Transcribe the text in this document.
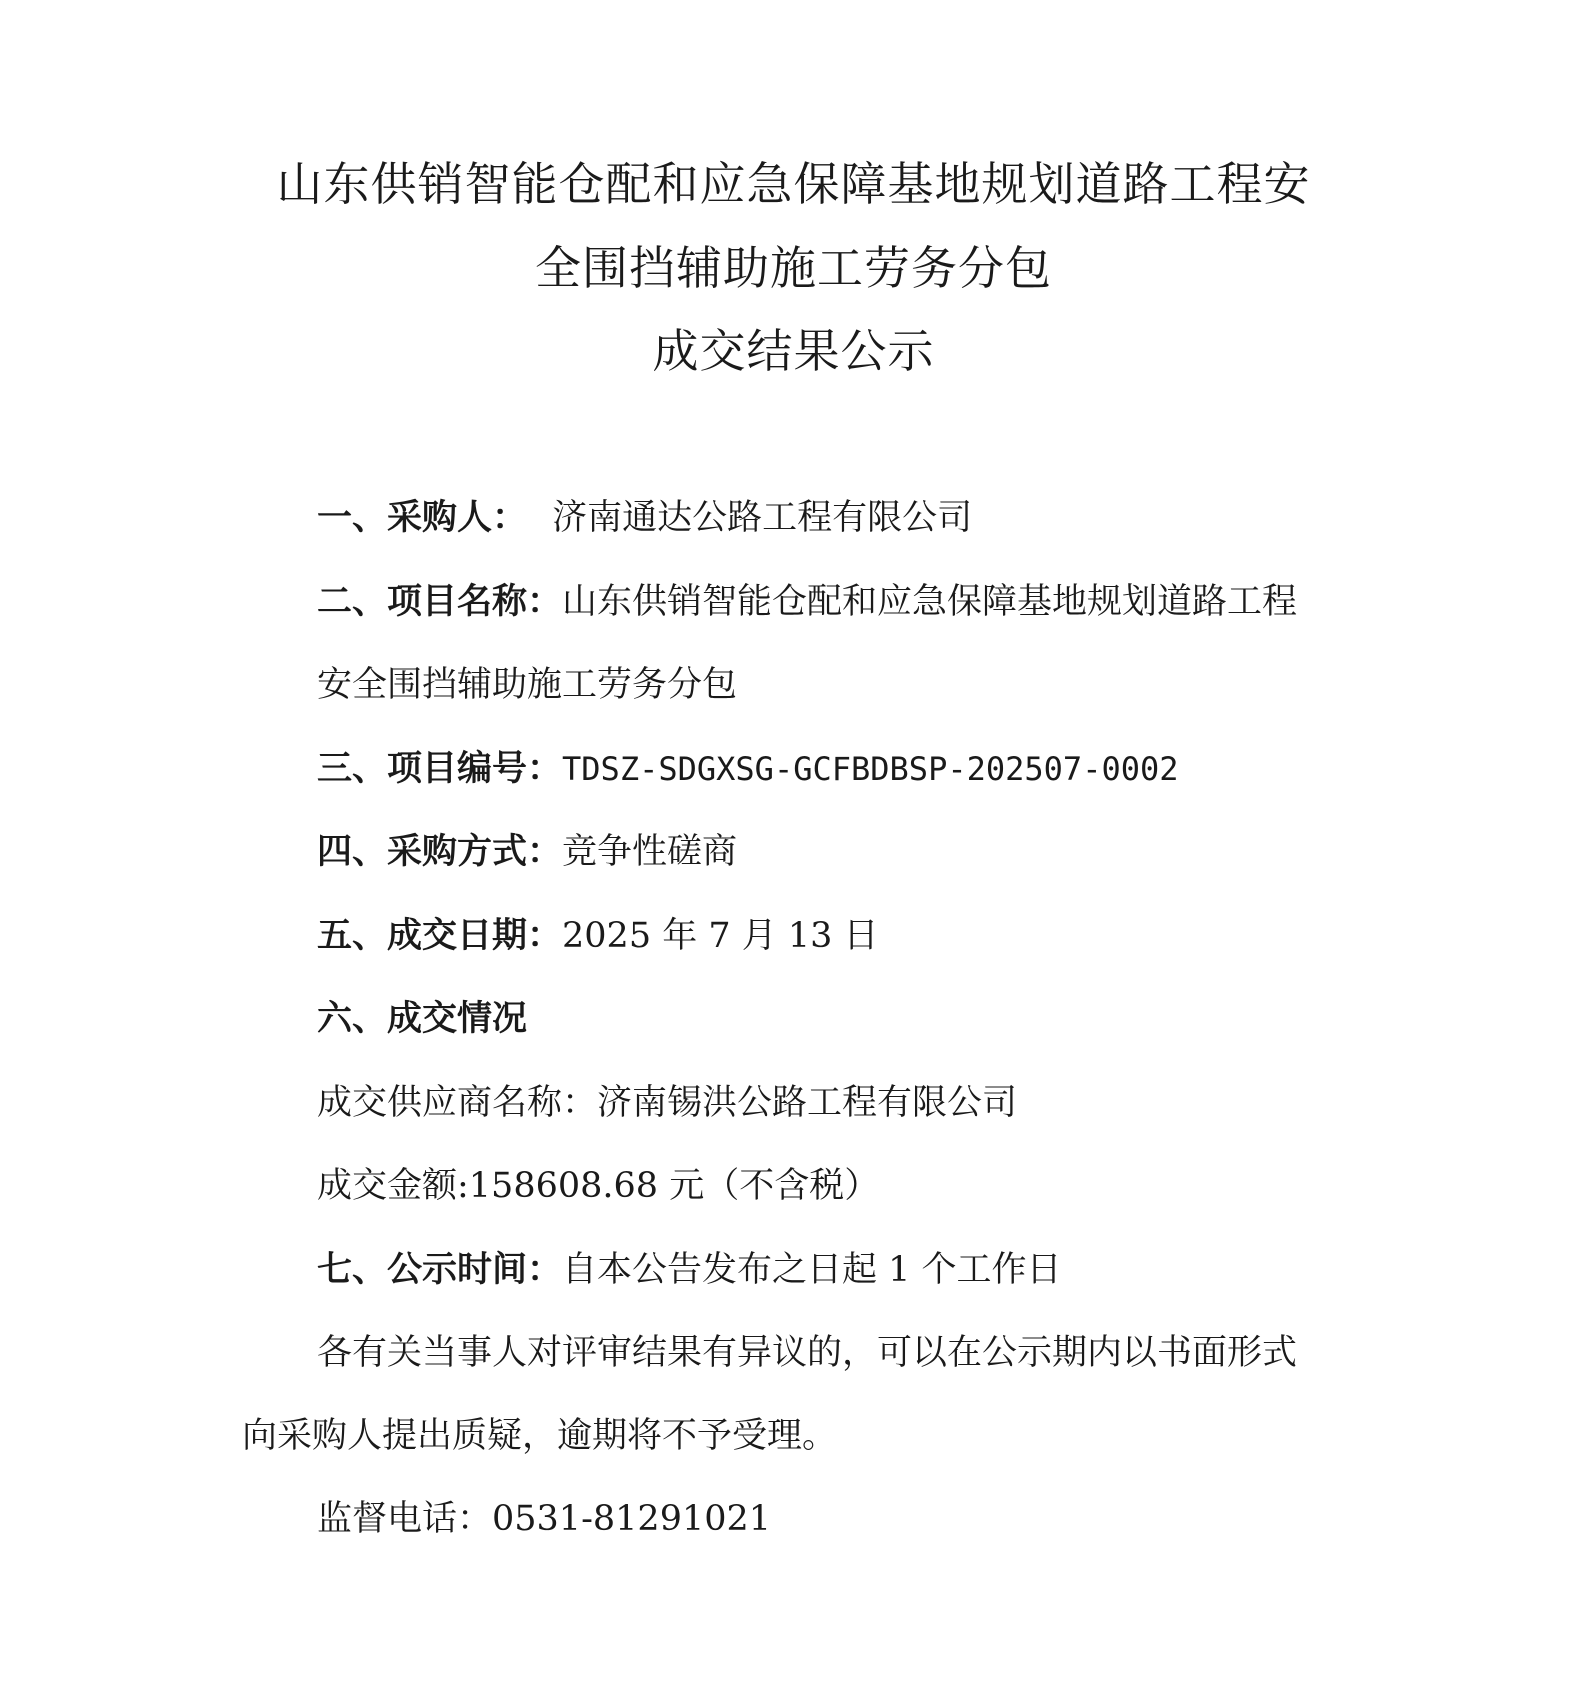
山东供销智能仓配和应急保障基地规划道路工程安
全围挡辅助施工劳务分包
成交结果公示
一、采购人： 济南通达公路工程有限公司
二、项目名称：山东供销智能仓配和应急保障基地规划道路工程
安全围挡辅助施工劳务分包
三、项目编号：TDSZ-SDGXSG-GCFBDBSP-202507-0002
四、采购方式：竞争性磋商
五、成交日期：2025 年 7 月 13 日
六、成交情况
成交供应商名称：济南锡洪公路工程有限公司
成交金额:158608.68 元（不含税）
七、公示时间：自本公告发布之日起 1 个工作日
各有关当事人对评审结果有异议的，可以在公示期内以书面形式
向采购人提出质疑，逾期将不予受理。
监督电话：0531-81291021
